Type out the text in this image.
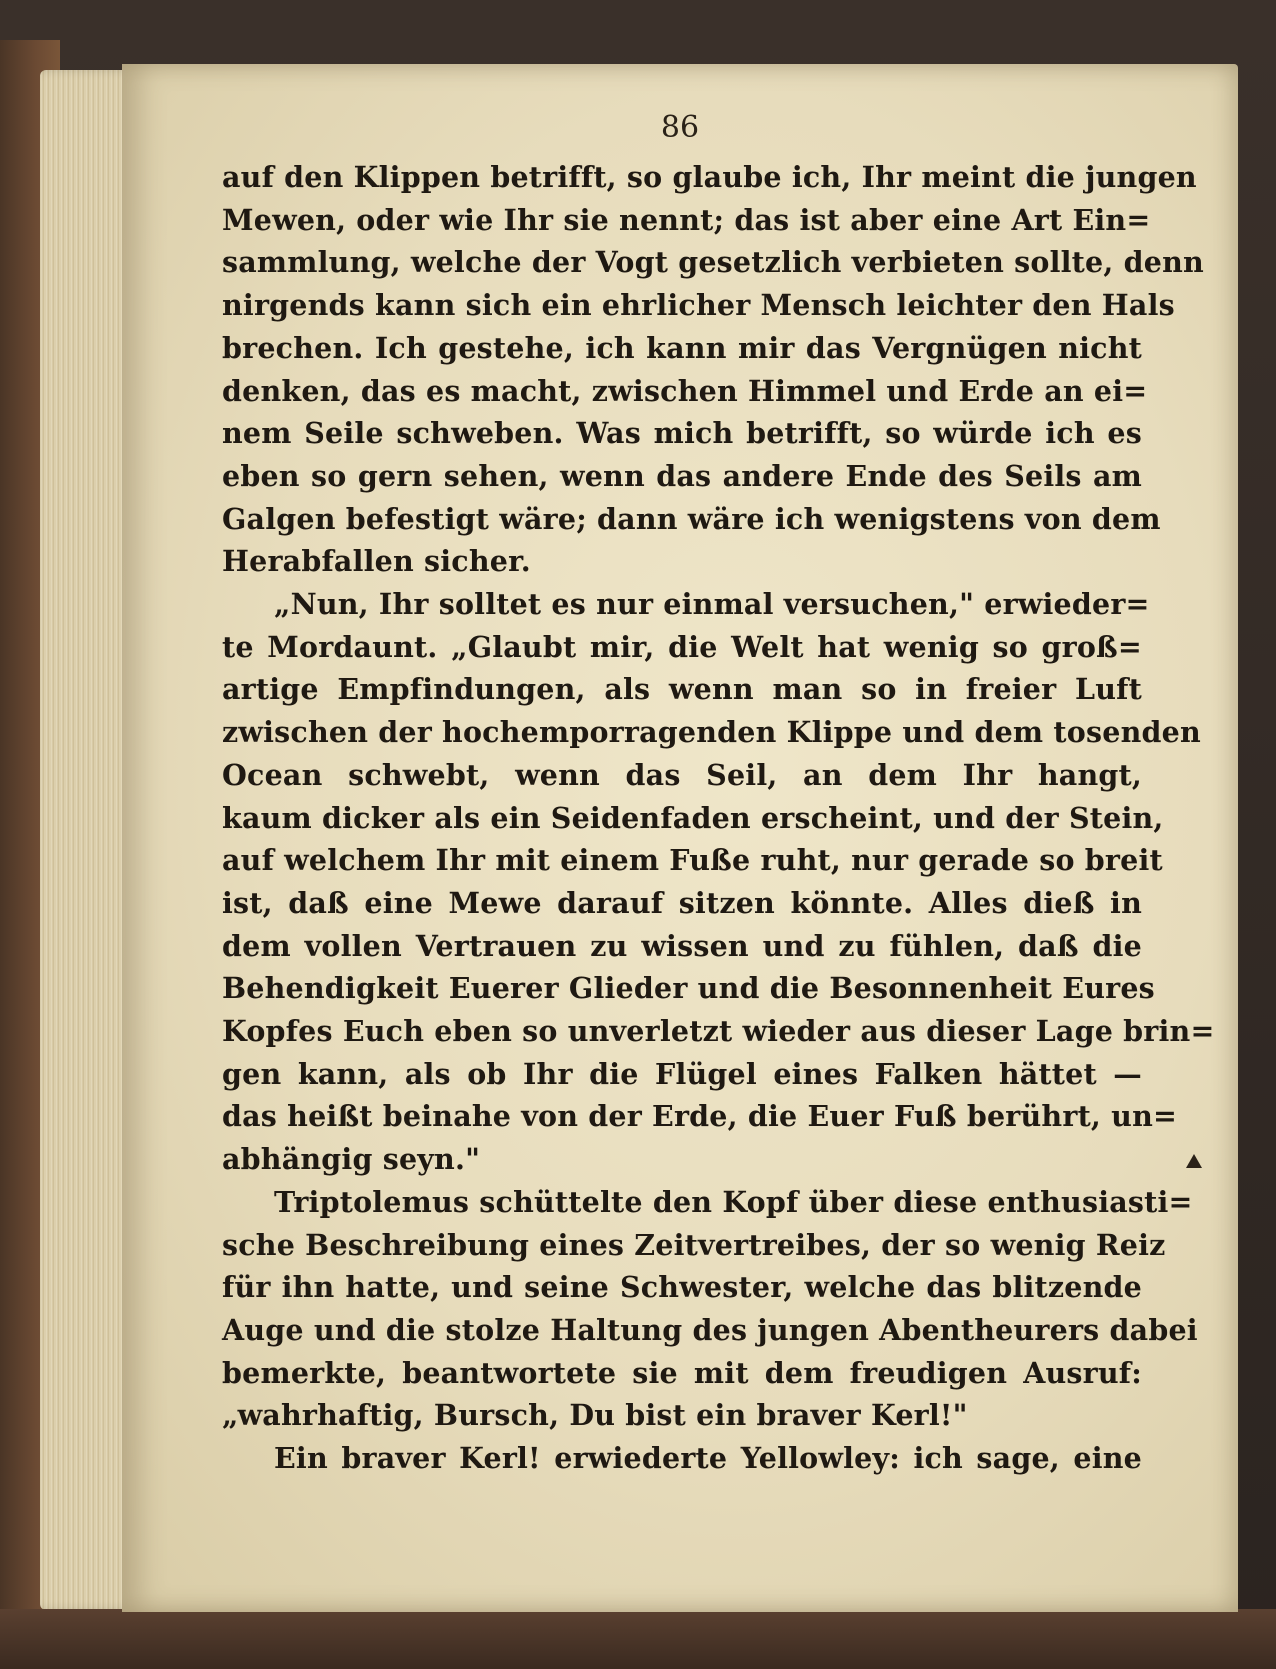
86
auf den Klippen betrifft, so glaube ich, Ihr meint die jungen
Mewen, oder wie Ihr sie nennt; das ist aber eine Art Ein=
sammlung, welche der Vogt gesetzlich verbieten sollte, denn
nirgends kann sich ein ehrlicher Mensch leichter den Hals
brechen. Ich gestehe, ich kann mir das Vergnügen nicht
denken, das es macht, zwischen Himmel und Erde an ei=
nem Seile schweben. Was mich betrifft, so würde ich es
eben so gern sehen, wenn das andere Ende des Seils am
Galgen befestigt wäre; dann wäre ich wenigstens von dem
Herabfallen sicher.
„Nun, Ihr solltet es nur einmal versuchen," erwieder=
te Mordaunt. „Glaubt mir, die Welt hat wenig so groß=
artige Empfindungen, als wenn man so in freier Luft
zwischen der hochemporragenden Klippe und dem tosenden
Ocean schwebt, wenn das Seil, an dem Ihr hangt,
kaum dicker als ein Seidenfaden erscheint, und der Stein,
auf welchem Ihr mit einem Fuße ruht, nur gerade so breit
ist, daß eine Mewe darauf sitzen könnte. Alles dieß in
dem vollen Vertrauen zu wissen und zu fühlen, daß die
Behendigkeit Euerer Glieder und die Besonnenheit Eures
Kopfes Euch eben so unverletzt wieder aus dieser Lage brin=
gen kann, als ob Ihr die Flügel eines Falken hättet —
das heißt beinahe von der Erde, die Euer Fuß berührt, un=
abhängig seyn."
Triptolemus schüttelte den Kopf über diese enthusiasti=
sche Beschreibung eines Zeitvertreibes, der so wenig Reiz
für ihn hatte, und seine Schwester, welche das blitzende
Auge und die stolze Haltung des jungen Abentheurers dabei
bemerkte, beantwortete sie mit dem freudigen Ausruf:
„wahrhaftig, Bursch, Du bist ein braver Kerl!"
Ein braver Kerl! erwiederte Yellowley: ich sage, eine
